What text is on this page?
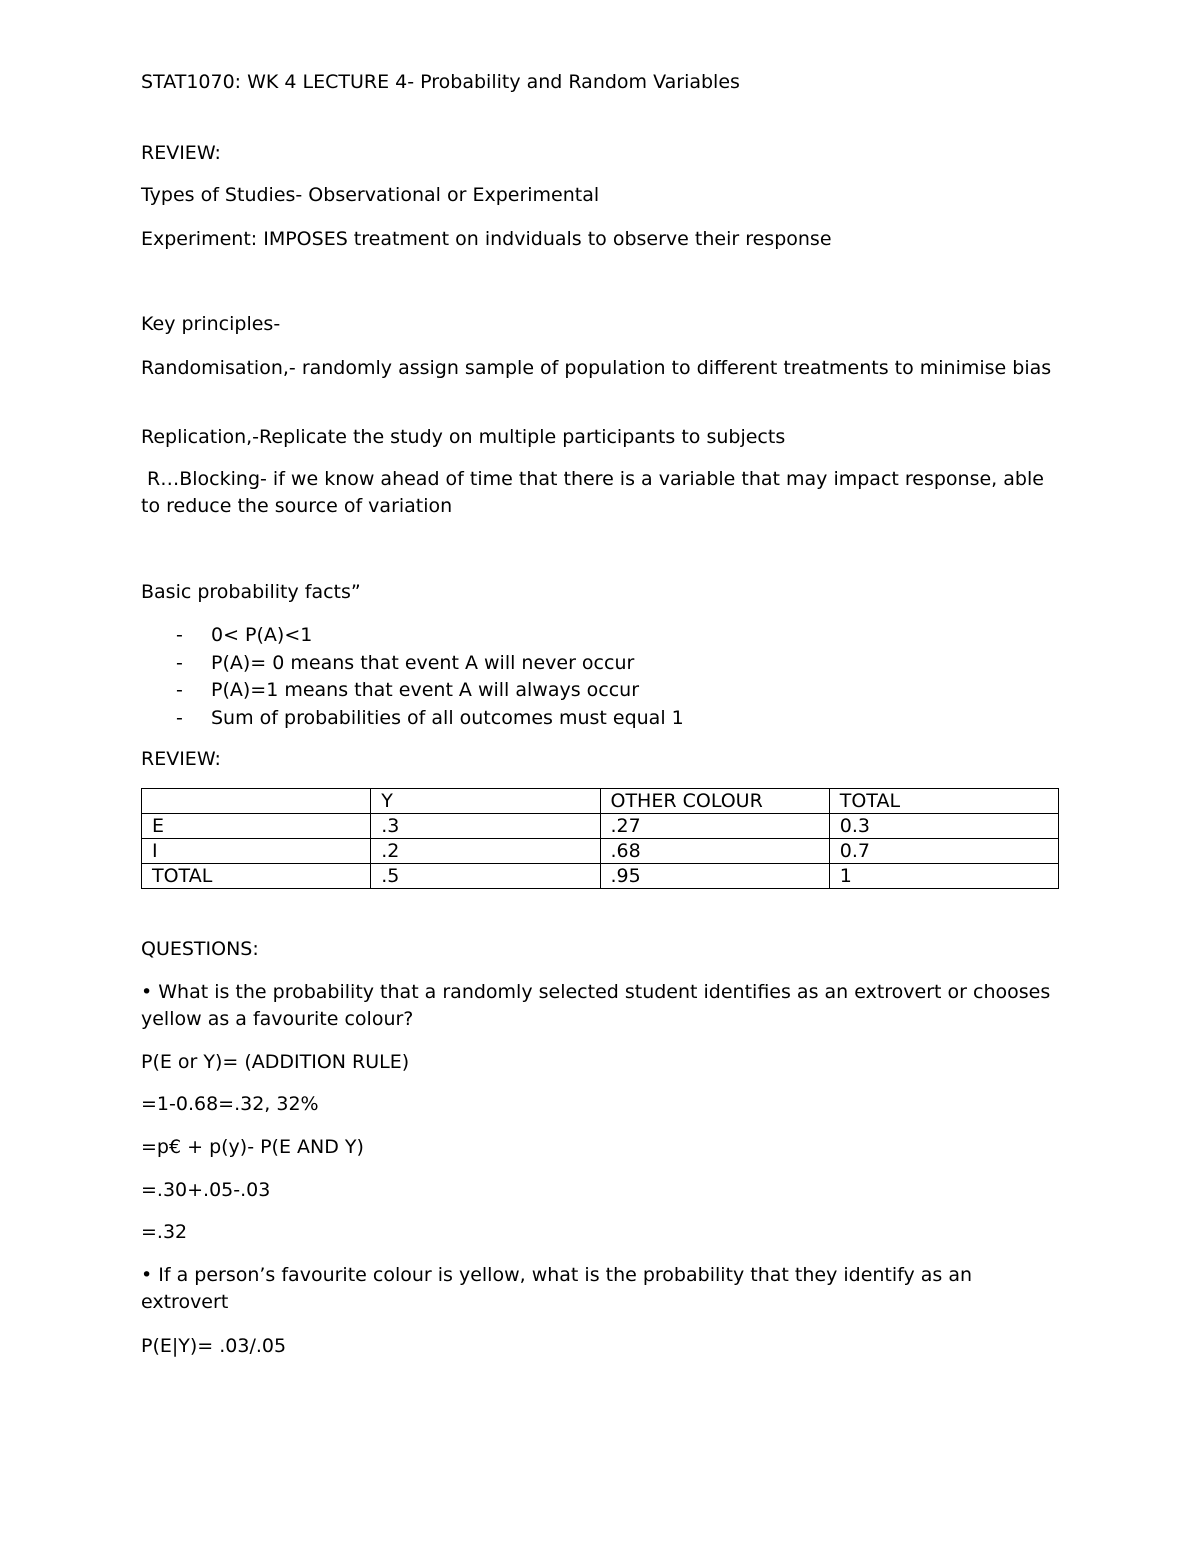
STAT1070: WK 4 LECTURE 4- Probability and Random Variables

REVIEW:

Types of Studies- Observational or Experimental

Experiment: IMPOSES treatment on indviduals to observe their response

Key principles-

Randomisation,- randomly assign sample of population to different treatments to minimise bias

Replication,-Replicate the study on multiple participants to subjects

R…Blocking- if we know ahead of time that there is a variable that may impact response, able to reduce the source of variation

Basic probability facts”

- 0< P(A)<1
- P(A)= 0 means that event A will never occur
- P(A)=1 means that event A will always occur
- Sum of probabilities of all outcomes must equal 1

REVIEW:

	Y	OTHER COLOUR	TOTAL
E	.3	.27	0.3
I	.2	.68	0.7
TOTAL	.5	.95	1

QUESTIONS:

• What is the probability that a randomly selected student identifies as an extrovert or chooses yellow as a favourite colour?

P(E or Y)= (ADDITION RULE)

=1-0.68=.32, 32%

=p€ + p(y)- P(E AND Y)

=.30+.05-.03

=.32

• If a person’s favourite colour is yellow, what is the probability that they identify as an extrovert

P(E|Y)= .03/.05
